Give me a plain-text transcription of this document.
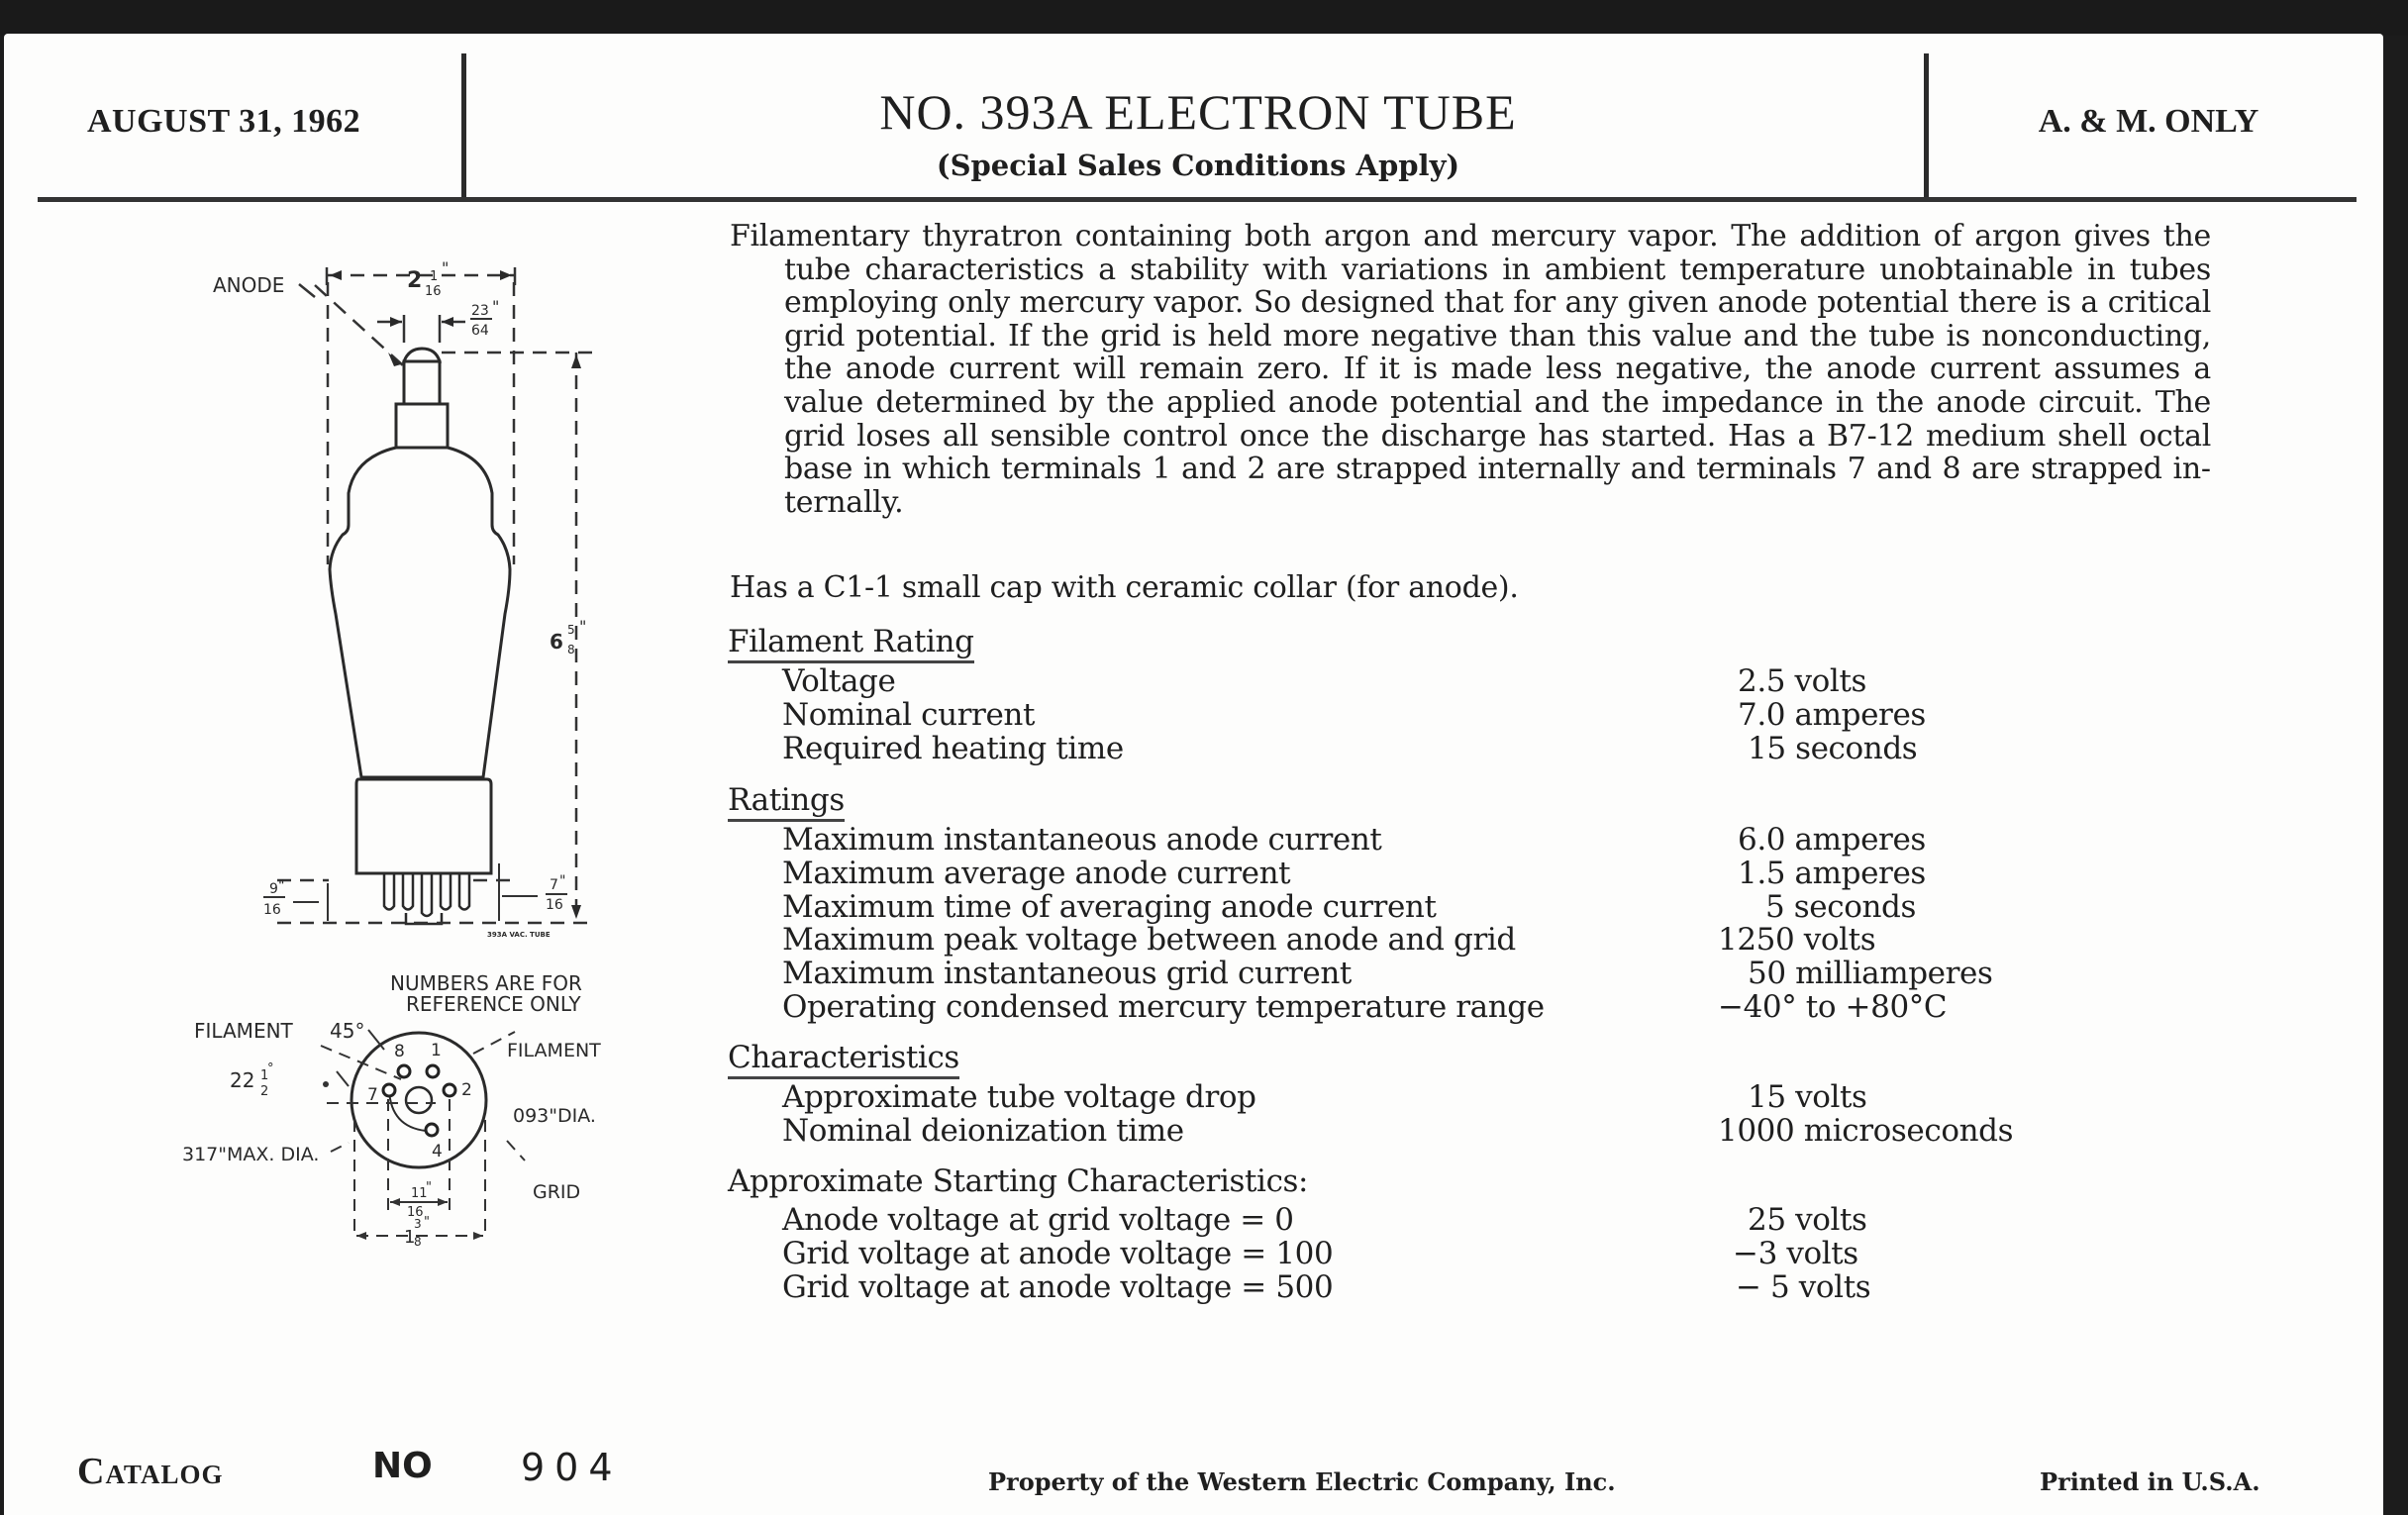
AUGUST 31, 1962	NO. 393A ELECTRON TUBE
(Special Sales Conditions Apply)
A. & M. ONLY

Filamentary thyratron containing both argon and mercury vapor. The addition of argon gives the tube characteristics a stability with variations in ambient temperature unobtainable in tubes employing only mercury vapor. So designed that for any given anode potential there is a critical grid potential. If the grid is held more negative than this value and the tube is nonconducting, the anode current will remain zero. If it is made less negative, the anode current assumes a value determined by the applied anode potential and the impedance in the anode circuit. The grid loses all sensible control once the discharge has started. Has a B7-12 medium shell octal base in which terminals 1 and 2 are strapped internally and terminals 7 and 8 are strapped internally.

Has a C1-1 small cap with ceramic collar (for anode).
Filament Rating
Voltage	2.5 volts
Nominal current	7.0 amperes
Required heating time	15 seconds
Ratings
Maximum instantaneous anode current	6.0 amperes
Maximum average anode current	1.5 amperes
Maximum time of averaging anode current	5 seconds
Maximum peak voltage between anode and grid	1250 volts
Maximum instantaneous grid current	50 milliamperes
Operating condensed mercury temperature range	−40° to +80°C
Characteristics
Approximate tube voltage drop	15 volts
Nominal deionization time	1000 microseconds
Approximate Starting Characteristics:
Anode voltage at grid voltage = 0	25 volts
Grid voltage at anode voltage = 100	−3 volts
Grid voltage at anode voltage = 500	− 5 volts
ANODE	2 1
16
"
23
64
"
6 5
8
"
9 "
16
7 "
16
393A VAC. TUBE
NUMBERS ARE FOR
REFERENCE ONLY
FILAMENT 45°
FILAMENT
22 1
°
2
317"MAX. DIA.
093"DIA.
GRID
8 1
7	2
4
11
16
"
1
3
8
"
Catalog	NO 904	Property of the Western Electric Company, Inc.	Printed in U.S.A.
